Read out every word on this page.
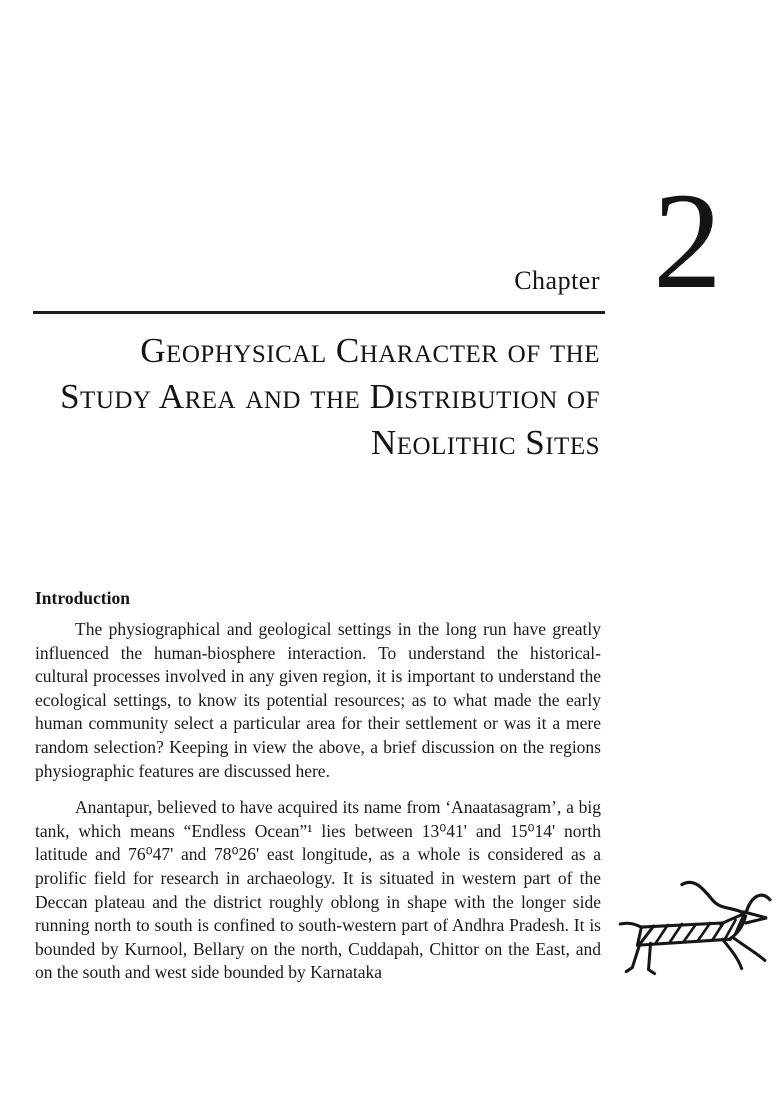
Chapter 2
Geophysical Character of the
Study Area and the Distribution of
Neolithic Sites
Introduction

The physiographical and geological settings in the long run have greatly influenced the human-biosphere interaction. To understand the historical-cultural processes involved in any given region, it is important to understand the ecological settings, to know its potential resources; as to what made the early human community select a particular area for their settlement or was it a mere random selection? Keeping in view the above, a brief discussion on the regions physiographic features are discussed here.

Anantapur, believed to have acquired its name from ‘Anaatasagram’, a big tank, which means “Endless Ocean”¹ lies between 13⁰41' and 15⁰14' north latitude and 76⁰47' and 78⁰26' east longitude, as a whole is considered as a prolific field for research in archaeology. It is situated in western part of the Deccan plateau and the district roughly oblong in shape with the longer side running north to south is confined to south-western part of Andhra Pradesh. It is bounded by Kurnool, Bellary on the north, Cuddapah, Chittor on the East, and on the south and west side bounded by Karnataka
